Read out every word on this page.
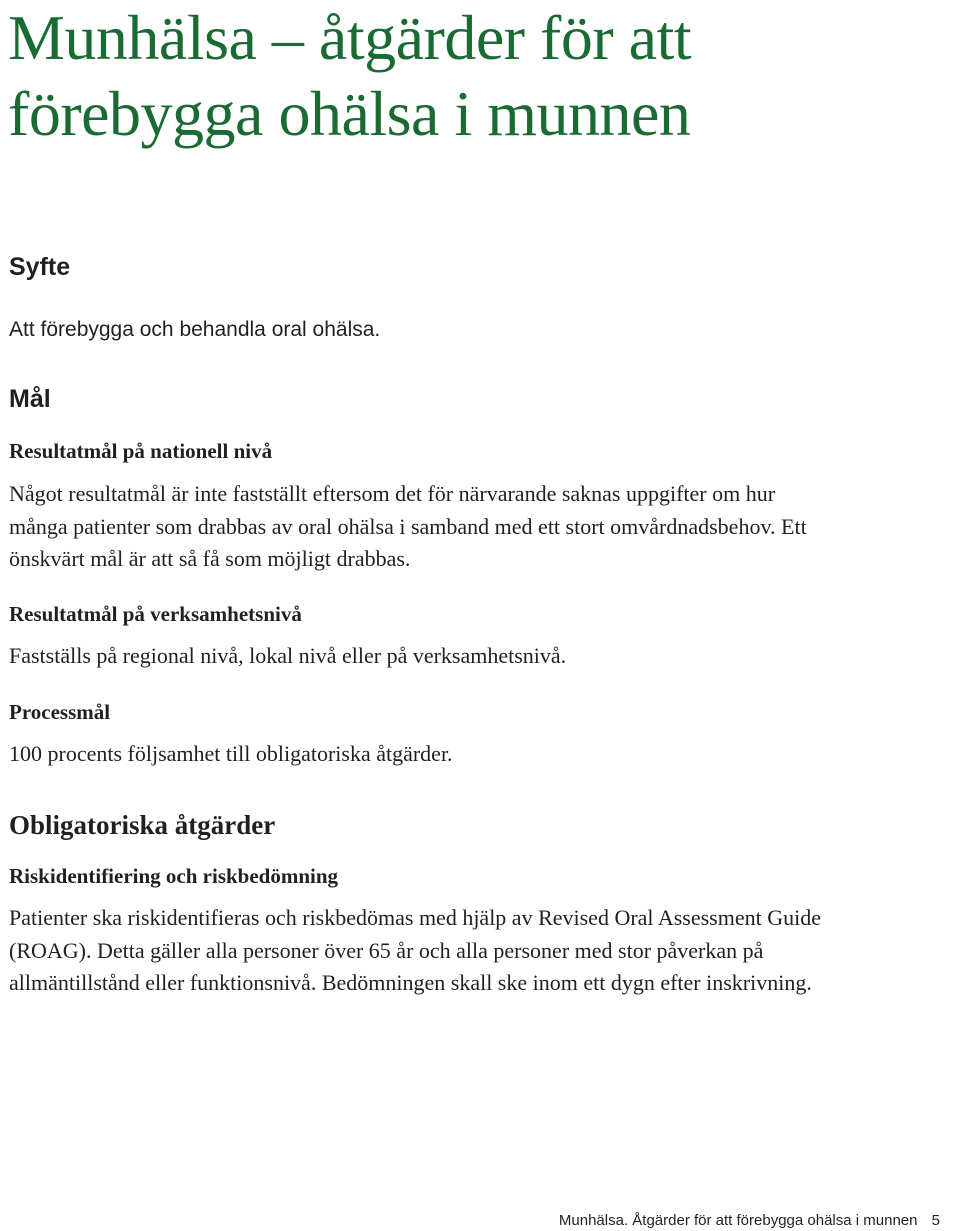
Munhälsa – åtgärder för att förebygga ohälsa i munnen
Syfte

Att förebygga och behandla oral ohälsa.

Mål
Resultatmål på nationell nivå

Något resultatmål är inte fastställt eftersom det för närvarande saknas uppgifter om hur många patienter som drabbas av oral ohälsa i samband med ett stort omvårdnadsbehov. Ett önskvärt mål är att så få som möjligt drabbas.

Resultatmål på verksamhetsnivå

Fastställs på regional nivå, lokal nivå eller på verksamhetsnivå.

Processmål

100 procents följsamhet till obligatoriska åtgärder.

Obligatoriska åtgärder
Riskidentifiering och riskbedömning

Patienter ska riskidentifieras och riskbedömas med hjälp av Revised Oral Assessment Guide (ROAG). Detta gäller alla personer över 65 år och alla personer med stor påverkan på allmäntillstånd eller funktionsnivå. Bedömningen skall ske inom ett dygn efter inskrivning.

Munhälsa. Åtgärder för att förebygga ohälsa i munnen 5
